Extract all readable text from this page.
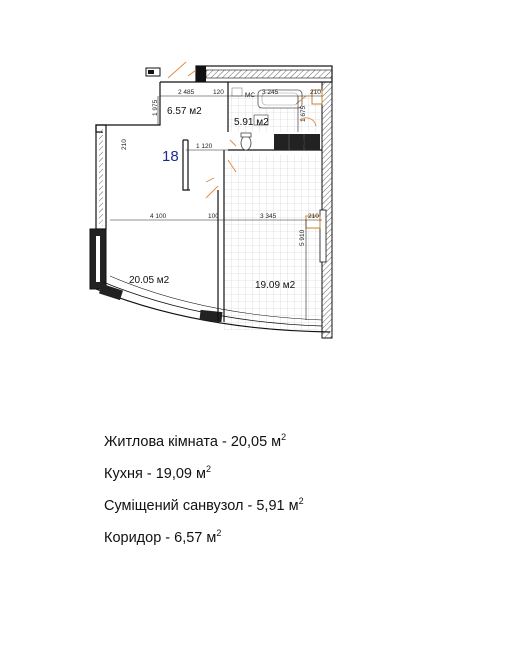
МС
2 485	120	3 245	210
1 975	1 675
210	1 120	640
4 100	100	3 345	210
5 910
18
6.57 м2
5.91 м2
20.05 м2	19.09 м2
Житлова кімната - 20,05 $м^2$
Кухня - 19,09 $м^2$
Суміщений санвузол - 5,91 $м^2$
Коридор - 6,57 $м^2$
